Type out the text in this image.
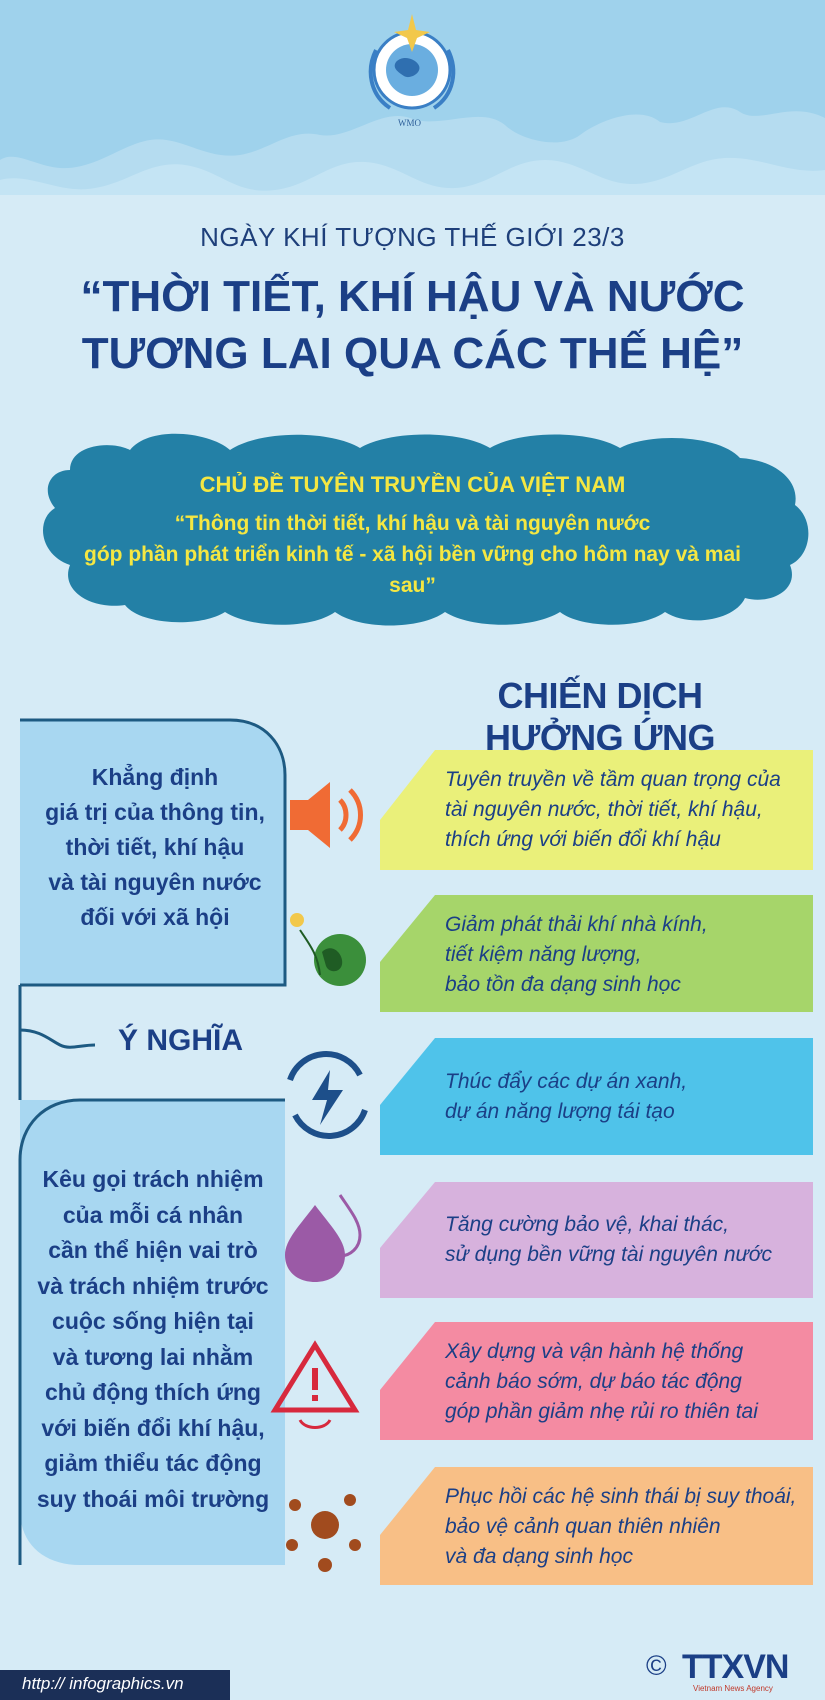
NGÀY KHÍ TƯỢNG THẾ GIỚI 23/3
“THỜI TIẾT, KHÍ HẬU VÀ NƯỚC
TƯƠNG LAI QUA CÁC THẾ HỆ”
CHỦ ĐỀ TUYÊN TRUYỀN CỦA VIỆT NAM
“Thông tin thời tiết, khí hậu và tài nguyên nước
góp phần phát triển kinh tế - xã hội bền vững cho hôm nay và mai sau”
CHIẾN DỊCH HƯỞNG ỨNG
Khẳng định
giá trị của thông tin,
thời tiết, khí hậu
và tài nguyên nước
đối với xã hội
Ý NGHĨA
Kêu gọi trách nhiệm
của mỗi cá nhân
cần thể hiện vai trò
và trách nhiệm trước
cuộc sống hiện tại
và tương lai nhằm
chủ động thích ứng
với biến đổi khí hậu,
giảm thiểu tác động
suy thoái môi trường
Tuyên truyền về tầm quan trọng của
tài nguyên nước, thời tiết, khí hậu,
thích ứng với biến đổi khí hậu
Giảm phát thải khí nhà kính,
tiết kiệm năng lượng,
bảo tồn đa dạng sinh học
Thúc đẩy các dự án xanh,
dự án năng lượng tái tạo
Tăng cường bảo vệ, khai thác,
sử dụng bền vững tài nguyên nước
Xây dựng và vận hành hệ thống
cảnh báo sớm, dự báo tác động
góp phần giảm nhẹ rủi ro thiên tai
Phục hồi các hệ sinh thái bị suy thoái,
bảo vệ cảnh quan thiên nhiên
và đa dạng sinh học
WMO
© TTXVN
Vietnam News Agency
http:// infographics.vn
